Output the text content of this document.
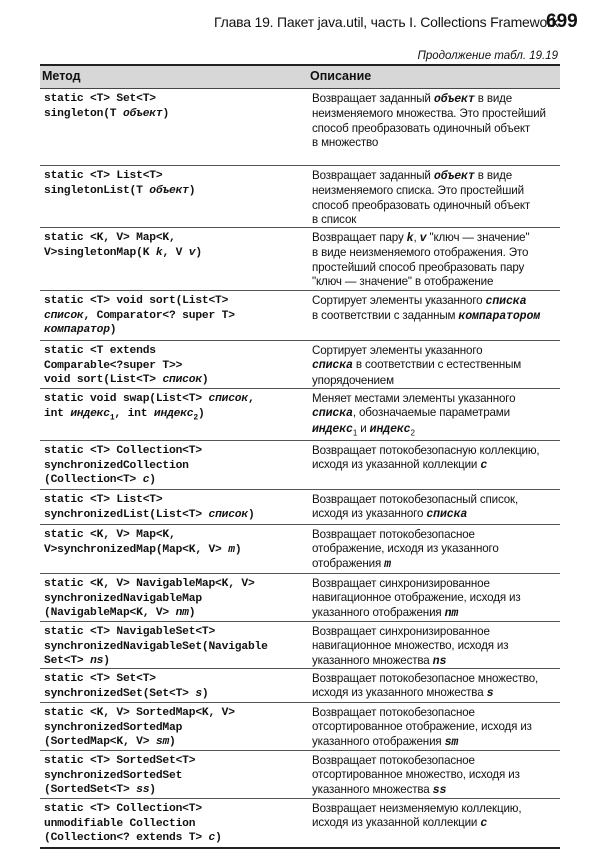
Глава 19. Пакет java.util, часть I. Collections Framework
699
Продолжение табл. 19.19
Метод	Описание
static <T> Set<T>
singleton(T объект)
Возвращает заданный объект в виде
неизменяемого множества. Это простейший
способ преобразовать одиночный объект
в множество
static <T> List<T>
singletonList(T объект)
Возвращает заданный объект в виде
неизменяемого списка. Это простейший
способ преобразовать одиночный объект
в список
static <K, V> Map<K,
V>singletonMap(K k, V v)
Возвращает пару k, v "ключ — значение"
в виде неизменяемого отображения. Это
простейший способ преобразовать пару
"ключ — значение" в отображение
static <T> void sort(List<T>
список, Comparator<? super T>
компаратор)
Сортирует элементы указанного списка
в соответствии с заданным компаратором
static <T extends
Comparable<?super T>>
void sort(List<T> список)
Сортирует элементы указанного
списка в соответствии с естественным
упорядочением
static void swap(List<T> список,
int индекс$_1$, int индекс$_2$)
Меняет местами элементы указанного
списка, обозначаемые параметрами
индекс$_1$ и индекс$_2$
static <T> Collection<T>
synchronizedCollection
(Collection<T> c)
Возвращает потокобезопасную коллекцию,
исходя из указанной коллекции c
static <T> List<T>
synchronizedList(List<T> список)
Возвращает потокобезопасный список,
исходя из указанного списка
static <K, V> Map<K,
V>synchronizedMap(Map<K, V> m)
Возвращает потокобезопасное
отображение, исходя из указанного
отображения m
static <K, V> NavigableMap<K, V>
synchronizedNavigableMap
(NavigableMap<K, V> nm)
Возвращает синхронизированное
навигационное отображение, исходя из
указанного отображения nm
static <T> NavigableSet<T>
synchronizedNavigableSet(Navigable
Set<T> ns)
Возвращает синхронизированное
навигационное множество, исходя из
указанного множества ns
static <T> Set<T>
synchronizedSet(Set<T> s)
Возвращает потокобезопасное множество,
исходя из указанного множества s
static <K, V> SortedMap<K, V>
synchronizedSortedMap
(SortedMap<K, V> sm)
Возвращает потокобезопасное
отсортированное отображение, исходя из
указанного отображения sm
static <T> SortedSet<T>
synchronizedSortedSet
(SortedSet<T> ss)
Возвращает потокобезопасное
отсортированное множество, исходя из
указанного множества ss
static <T> Collection<T>
unmodifiable Collection
(Collection<? extends T> c)
Возвращает неизменяемую коллекцию,
исходя из указанной коллекции c
